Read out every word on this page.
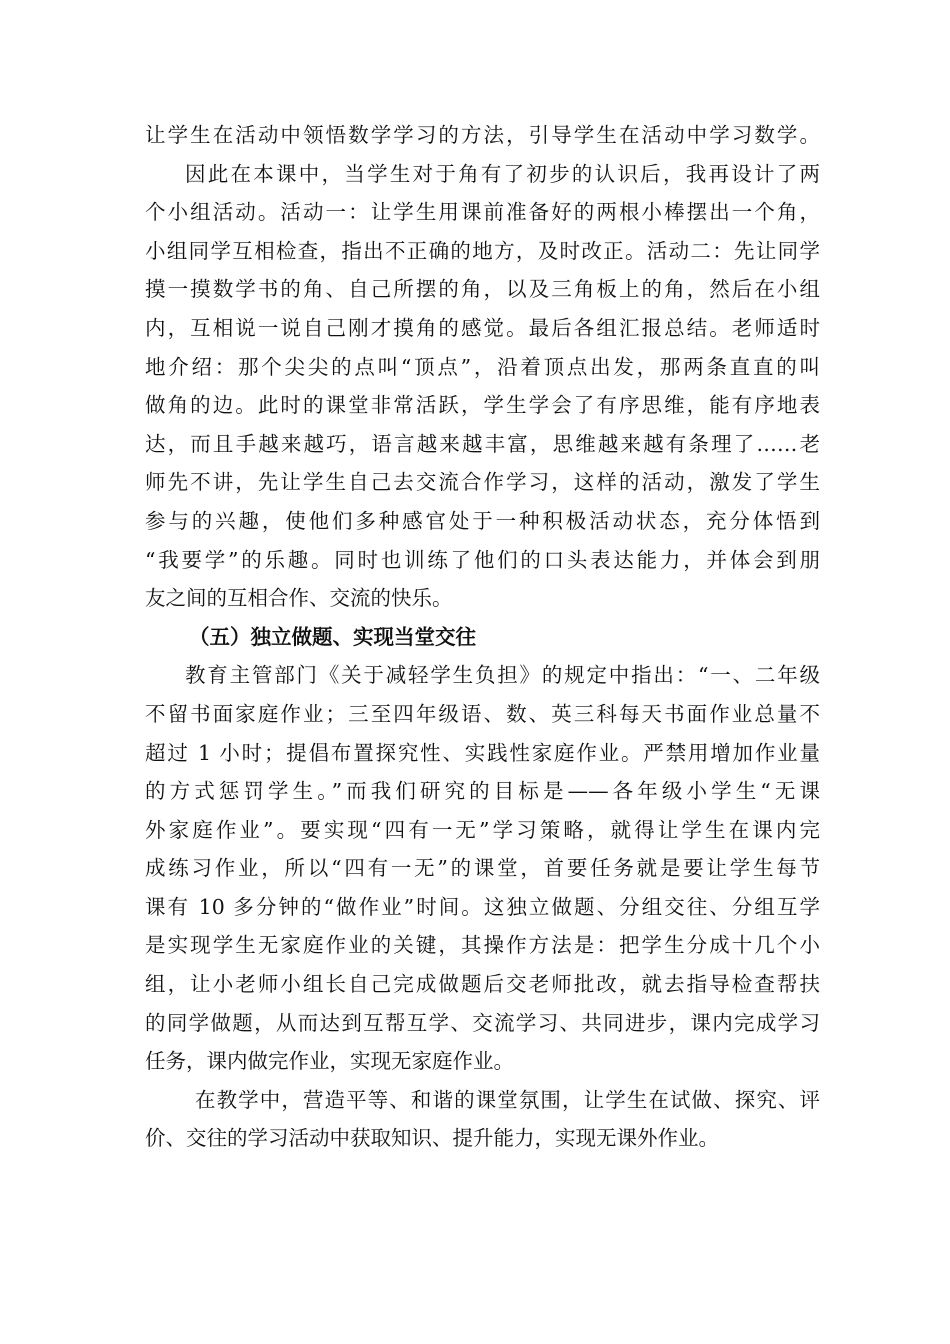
让学生在活动中领悟数学学习的方法，引导学生在活动中学习数学。
因此在本课中，当学生对于角有了初步的认识后，我再设计了两
个小组活动。活动一：让学生用课前准备好的两根小棒摆出一个角，
小组同学互相检查，指出不正确的地方，及时改正。活动二：先让同学
摸一摸数学书的角、自己所摆的角，以及三角板上的角，然后在小组
内，互相说一说自己刚才摸角的感觉。最后各组汇报总结。老师适时
地介绍：那个尖尖的点叫“顶点”，沿着顶点出发，那两条直直的叫
做角的边。此时的课堂非常活跃，学生学会了有序思维，能有序地表
达，而且手越来越巧，语言越来越丰富，思维越来越有条理了……老
师先不讲，先让学生自己去交流合作学习，这样的活动，激发了学生
参与的兴趣，使他们多种感官处于一种积极活动状态，充分体悟到
“我要学”的乐趣。同时也训练了他们的口头表达能力，并体会到朋
友之间的互相合作、交流的快乐。
（五）独立做题、实现当堂交往
教育主管部门《关于减轻学生负担》的规定中指出：“一、二年级
不留书面家庭作业；三至四年级语、数、英三科每天书面作业总量不
超过 1 小时；提倡布置探究性、实践性家庭作业。严禁用增加作业量
的方式惩罚学生。”而我们研究的目标是——各年级小学生“无课
外家庭作业”。要实现“四有一无”学习策略，就得让学生在课内完
成练习作业，所以“四有一无”的课堂，首要任务就是要让学生每节
课有 10 多分钟的“做作业”时间。这独立做题、分组交往、分组互学
是实现学生无家庭作业的关键，其操作方法是：把学生分成十几个小
组，让小老师小组长自己完成做题后交老师批改，就去指导检查帮扶
的同学做题，从而达到互帮互学、交流学习、共同进步，课内完成学习
任务，课内做完作业，实现无家庭作业。
在教学中，营造平等、和谐的课堂氛围，让学生在试做、探究、评
价、交往的学习活动中获取知识、提升能力，实现无课外作业。
